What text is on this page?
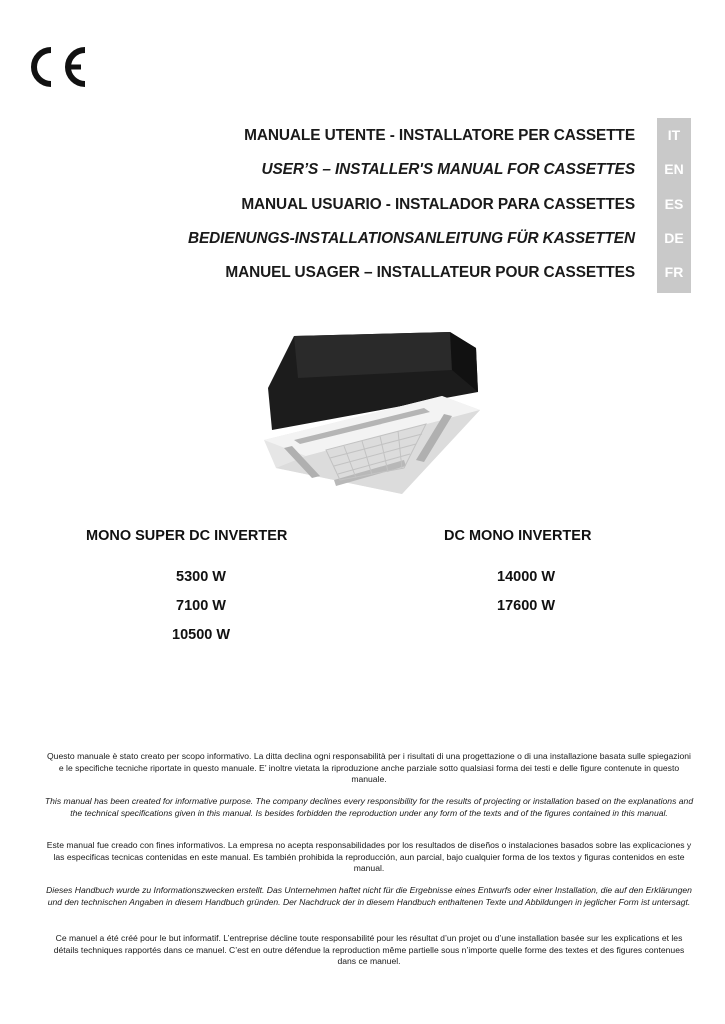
MANUALE UTENTE - INSTALLATORE PER CASSETTE
USER’S – INSTALLER'S MANUAL FOR CASSETTES
MANUAL USUARIO - INSTALADOR PARA CASSETTES
BEDIENUNGS-INSTALLATIONSANLEITUNG FÜR KASSETTEN
MANUEL USAGER – INSTALLATEUR POUR CASSETTES
IT
EN
ES
DE
FR
MONO SUPER DC INVERTER	DC MONO INVERTER
5300 W
7100 W
10500 W
14000 W
17600 W
Questo manuale è stato creato per scopo informativo. La ditta declina ogni responsabilità per i risultati di una progettazione o di una installazione basata sulle spiegazioni e le specifiche tecniche riportate in questo manuale. E’ inoltre vietata la riproduzione anche parziale sotto qualsiasi forma dei testi e delle figure contenute in questo manuale.
This manual has been created for informative purpose. The company declines every responsibility for the results of projecting or installation based on the explanations and the technical specifications given in this manual. Is besides forbidden the reproduction under any form of the texts and of the figures contained in this manual.
Este manual fue creado con fines informativos. La empresa no acepta responsabilidades por los resultados de diseños o instalaciones basados sobre las explicaciones y las especificas tecnicas contenidas en este manual. Es también prohibida la reproducción, aun parcial, bajo cualquier forma de los textos y figuras contenidos en este manual.
Dieses Handbuch wurde zu Informationszwecken erstellt. Das Unternehmen haftet nicht für die Ergebnisse eines Entwurfs oder einer Installation, die auf den Erklärungen und den technischen Angaben in diesem Handbuch gründen. Der Nachdruck der in diesem Handbuch enthaltenen Texte und Abbildungen in jeglicher Form ist untersagt.
Ce manuel a été créé pour le but informatif. L’entreprise décline toute responsabilité pour les résultat d’un projet ou d’une installation basée sur les explications et les détails techniques rapportés dans ce manuel. C’est en outre défendue la reproduction même partielle sous n’importe quelle forme des textes et des figures contenues dans ce manuel.
